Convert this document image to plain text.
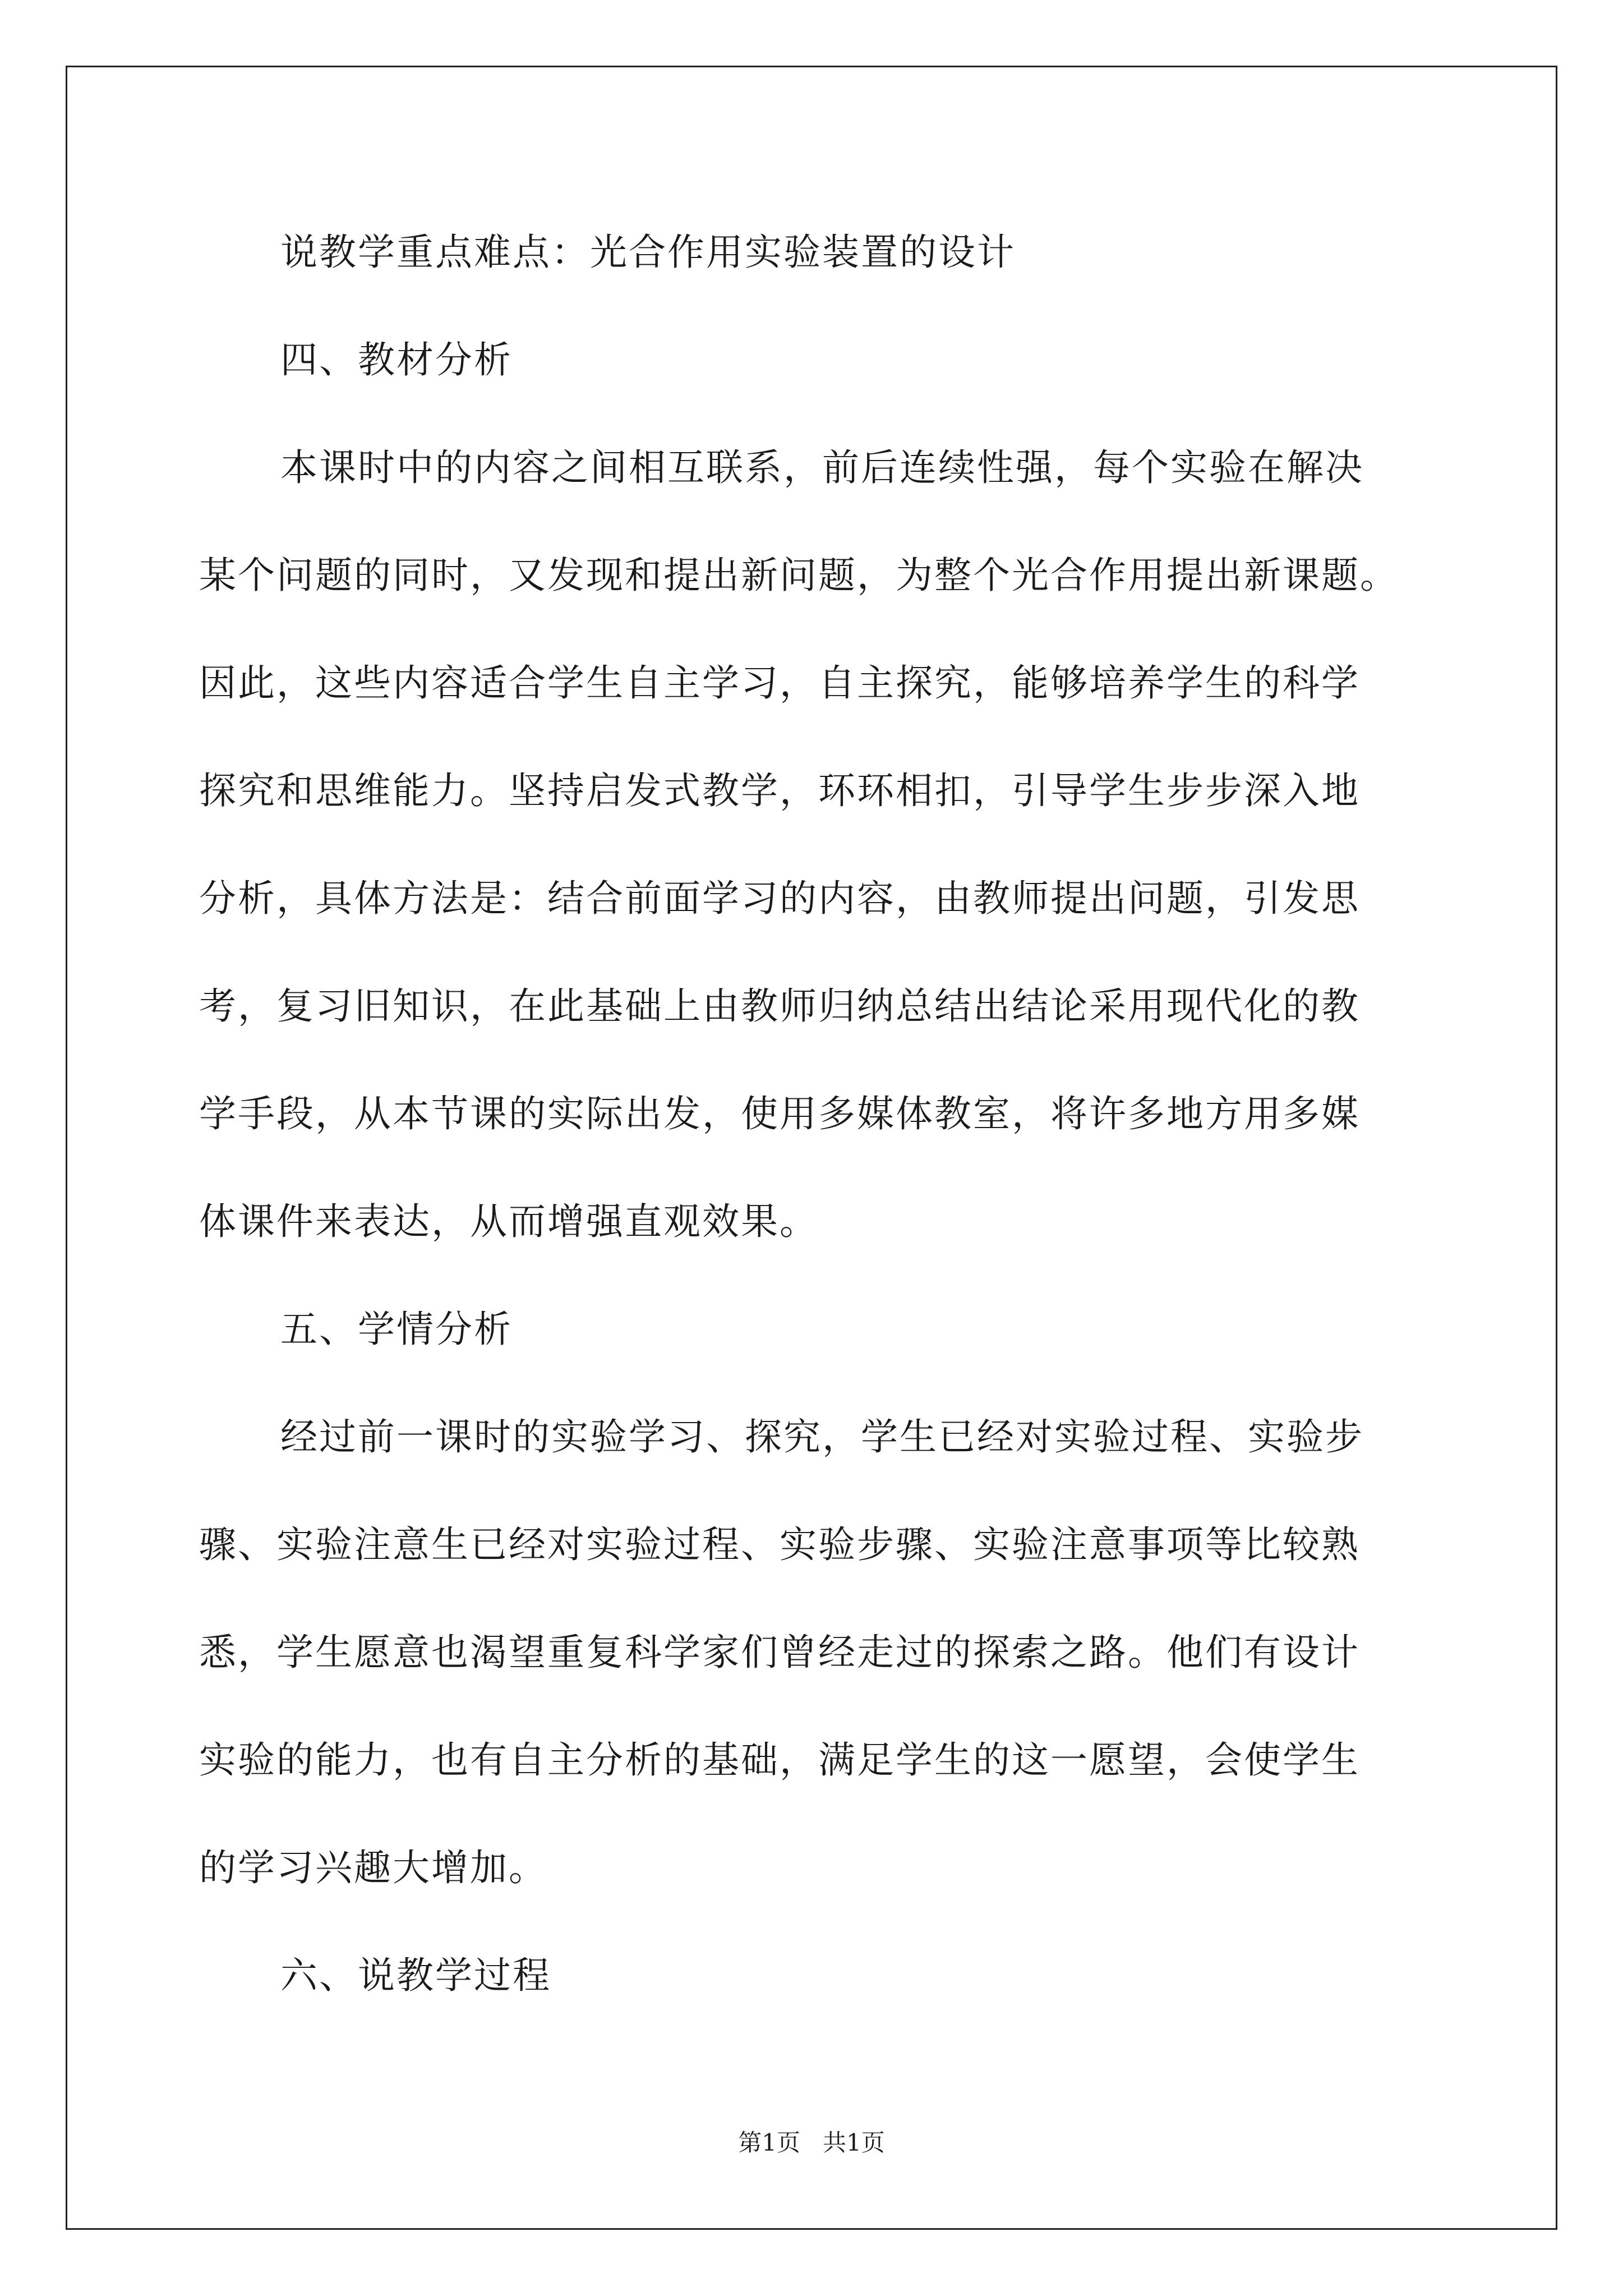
说教学重点难点：光合作用实验装置的设计
四、教材分析
本课时中的内容之间相互联系，前后连续性强，每个实验在解决
某个问题的同时，又发现和提出新问题，为整个光合作用提出新课题。
因此，这些内容适合学生自主学习，自主探究，能够培养学生的科学
探究和思维能力。坚持启发式教学，环环相扣，引导学生步步深入地
分析，具体方法是：结合前面学习的内容，由教师提出问题，引发思
考，复习旧知识，在此基础上由教师归纳总结出结论采用现代化的教
学手段，从本节课的实际出发，使用多媒体教室，将许多地方用多媒
体课件来表达，从而增强直观效果。
五、学情分析
经过前一课时的实验学习、探究，学生已经对实验过程、实验步
骤、实验注意生已经对实验过程、实验步骤、实验注意事项等比较熟
悉，学生愿意也渴望重复科学家们曾经走过的探索之路。他们有设计
实验的能力，也有自主分析的基础，满足学生的这一愿望，会使学生
的学习兴趣大增加。
六、说教学过程
第1页   共1页
